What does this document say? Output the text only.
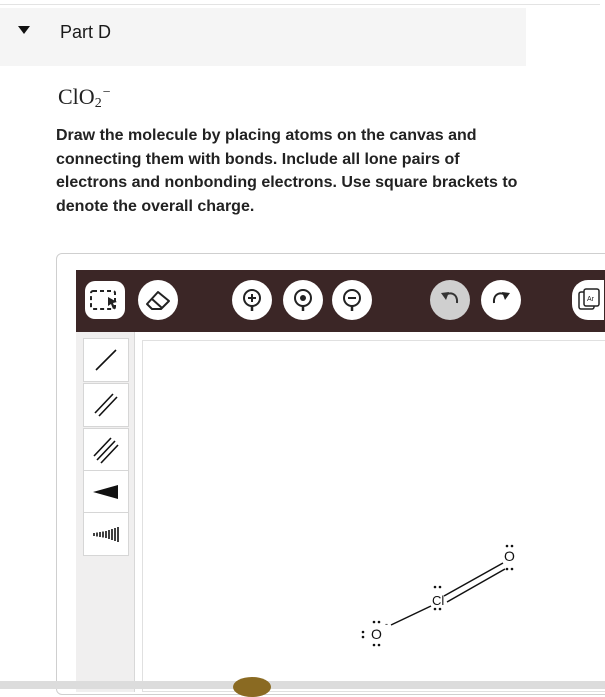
Part D
ClO$_2$−
Draw the molecule by placing atoms on the canvas and connecting them with bonds. Include all lone pairs of electrons and nonbonding electrons. Use square brackets to denote the overall charge.
Ar
O
-
Cl
O
